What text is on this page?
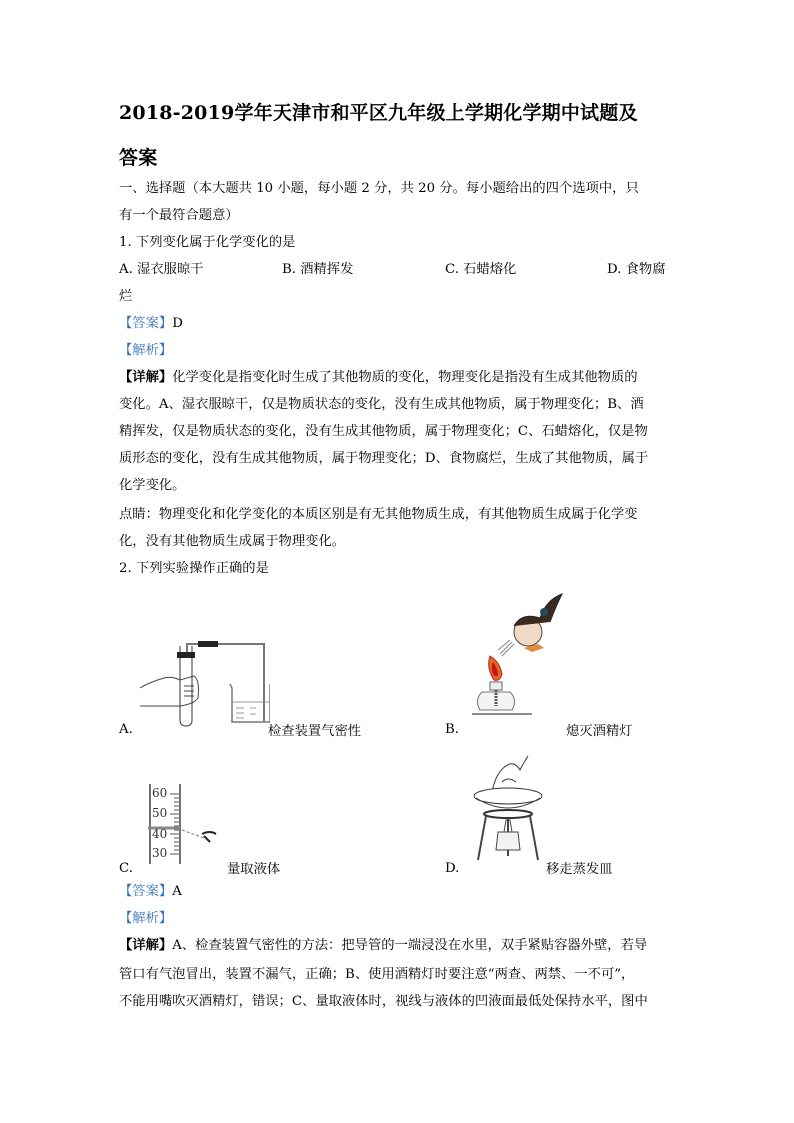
2018-2019学年天津市和平区九年级上学期化学期中试题及
答案
一、选择题（本大题共 10 小题，每小题 2 分，共 20 分。每小题给出的四个选项中，只
有一个最符合题意）
1. 下列变化属于化学变化的是
A. 湿衣服晾干	B. 酒精挥发	C. 石蜡熔化	D. 食物腐
烂
【答案】D
【解析】
【详解】化学变化是指变化时生成了其他物质的变化，物理变化是指没有生成其他物质的
变化。A、湿衣服晾干，仅是物质状态的变化，没有生成其他物质，属于物理变化；B、酒
精挥发，仅是物质状态的变化，没有生成其他物质，属于物理变化；C、石蜡熔化，仅是物
质形态的变化，没有生成其他物质，属于物理变化；D、食物腐烂，生成了其他物质，属于
化学变化。
点睛：物理变化和化学变化的本质区别是有无其他物质生成，有其他物质生成属于化学变
化，没有其他物质生成属于物理变化。
2. 下列实验操作正确的是
A.	检查装置气密性	B.	熄灭酒精灯
60
50
40
30
C.	量取液体	D.	移走蒸发皿
【答案】A
【解析】
【详解】A、检查装置气密性的方法：把导管的一端浸没在水里，双手紧贴容器外壁，若导
管口有气泡冒出，装置不漏气，正确；B、使用酒精灯时要注意“两查、两禁、一不可”，
不能用嘴吹灭酒精灯，错误；C、量取液体时，视线与液体的凹液面最低处保持水平，图中
